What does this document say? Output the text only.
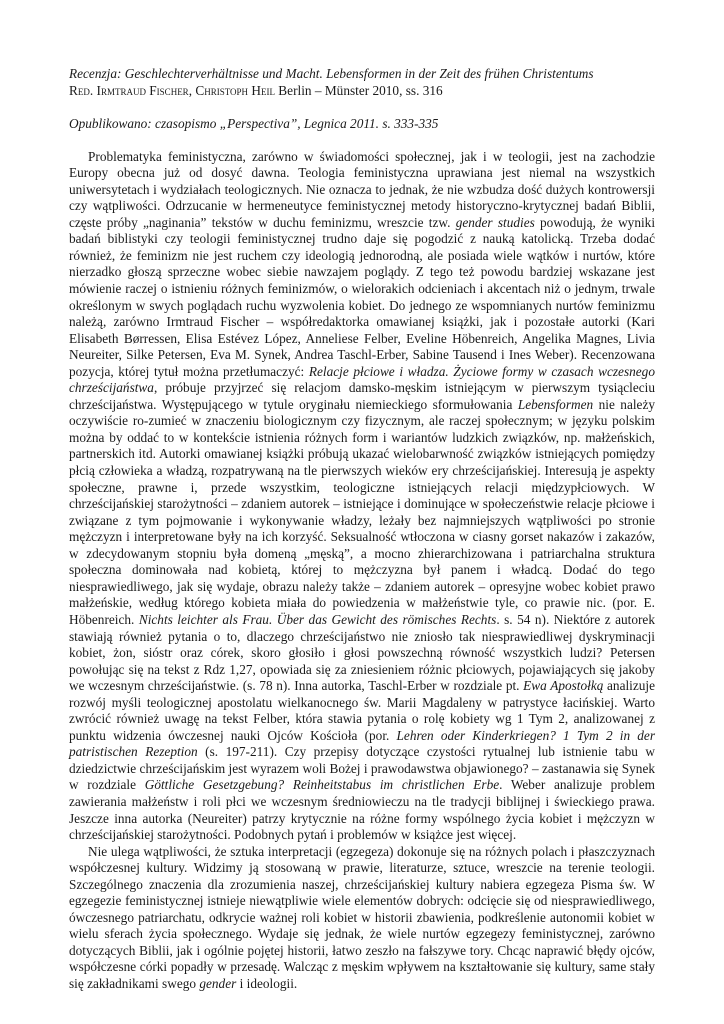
Recenzja: Geschlechterverhältnisse und Macht. Lebensformen in der Zeit des frühen Christentums
Red. Irmtraud Fischer, Christoph Heil Berlin – Münster 2010, ss. 316
Opublikowano: czasopismo „Perspectiva”, Legnica 2011. s. 333-335

Problematyka feministyczna, zarówno w świadomości społecznej, jak i w teologii, jest na zachodzie
Europy obecna już od dosyć dawna. Teologia feministyczna uprawiana jest niemal na wszystkich
uniwersytetach i wydziałach teologicznych. Nie oznacza to jednak, że nie wzbudza dość dużych kontrowersji
czy wątpliwości. Odrzucanie w hermeneutyce feministycznej metody historyczno-krytycznej badań Biblii,
częste próby „naginania” tekstów w duchu feminizmu, wreszcie tzw. gender studies powodują, że wyniki
badań biblistyki czy teologii feministycznej trudno daje się pogodzić z nauką katolicką. Trzeba dodać
również, że feminizm nie jest ruchem czy ideologią jednorodną, ale posiada wiele wątków i nurtów, które
nierzadko głoszą sprzeczne wobec siebie nawzajem poglądy. Z tego też powodu bardziej wskazane jest
mówienie raczej o istnieniu różnych feminizmów, o wielorakich odcieniach i akcentach niż o jednym, trwale
określonym w swych poglądach ruchu wyzwolenia kobiet. Do jednego ze wspomnianych nurtów feminizmu
należą, zarówno Irmtraud Fischer – współredaktorka omawianej książki, jak i pozostałe autorki (Kari
Elisabeth Børressen, Elisa Estévez López, Anneliese Felber, Eveline Höbenreich, Angelika Magnes, Livia
Neureiter, Silke Petersen, Eva M. Synek, Andrea Taschl-Erber, Sabine Tausend i Ines Weber). Recenzowana
pozycja, której tytuł można przetłumaczyć: Relacje płciowe i władza. Życiowe formy w czasach wczesnego
chrześcijaństwa, próbuje przyjrzeć się relacjom damsko-męskim istniejącym w pierwszym tysiącleciu
chrześcijaństwa. Występującego w tytule oryginału niemieckiego sformułowania Lebensformen nie należy
oczywiście ro-zumieć w znaczeniu biologicznym czy fizycznym, ale raczej społecznym; w języku polskim
można by oddać to w kontekście istnienia różnych form i wariantów ludzkich związków, np. małżeńskich,
partnerskich itd. Autorki omawianej książki próbują ukazać wielobarwność związków istniejących pomiędzy
płcią człowieka a władzą, rozpatrywaną na tle pierwszych wieków ery chrześcijańskiej. Interesują je aspekty
społeczne, prawne i, przede wszystkim, teologiczne istniejących relacji międzypłciowych. W
chrześcijańskiej starożytności – zdaniem autorek – istniejące i dominujące w społeczeństwie relacje płciowe i
związane z tym pojmowanie i wykonywanie władzy, leżały bez najmniejszych wątpliwości po stronie
mężczyzn i interpretowane były na ich korzyść. Seksualność wtłoczona w ciasny gorset nakazów i zakazów,
w zdecydowanym stopniu była domeną „męską”, a mocno zhierarchizowana i patriarchalna struktura
społeczna dominowała nad kobietą, której to mężczyzna był panem i władcą. Dodać do tego
niesprawiedliwego, jak się wydaje, obrazu należy także – zdaniem autorek – opresyjne wobec kobiet prawo
małżeńskie, według którego kobieta miała do powiedzenia w małżeństwie tyle, co prawie nic. (por. E.
Höbenreich. Nichts leichter als Frau. Über das Gewicht des römisches Rechts. s. 54 n). Niektóre z autorek
stawiają również pytania o to, dlaczego chrześcijaństwo nie zniosło tak niesprawiedliwej dyskryminacji
kobiet, żon, sióstr oraz córek, skoro głosiło i głosi powszechną równość wszystkich ludzi? Petersen
powołując się na tekst z Rdz 1,27, opowiada się za zniesieniem różnic płciowych, pojawiających się jakoby
we wczesnym chrześcijaństwie. (s. 78 n). Inna autorka, Taschl-Erber w rozdziale pt. Ewa Apostołką analizuje
rozwój myśli teologicznej apostolatu wielkanocnego św. Marii Magdaleny w patrystyce łacińskiej. Warto
zwrócić również uwagę na tekst Felber, która stawia pytania o rolę kobiety wg 1 Tym 2, analizowanej z
punktu widzenia ówczesnej nauki Ojców Kościoła (por. Lehren oder Kinderkriegen? 1 Tym 2 in der
patristischen Rezeption (s. 197-211). Czy przepisy dotyczące czystości rytualnej lub istnienie tabu w
dziedzictwie chrześcijańskim jest wyrazem woli Bożej i prawodawstwa objawionego? – zastanawia się Synek
w rozdziale Göttliche Gesetzgebung? Reinheitstabus im christlichen Erbe. Weber analizuje problem
zawierania małżeństw i roli płci we wczesnym średniowieczu na tle tradycji biblijnej i świeckiego prawa.
Jeszcze inna autorka (Neureiter) patrzy krytycznie na różne formy wspólnego życia kobiet i mężczyzn w
chrześcijańskiej starożytności. Podobnych pytań i problemów w książce jest więcej.

Nie ulega wątpliwości, że sztuka interpretacji (egzegeza) dokonuje się na różnych polach i płaszczyznach
współczesnej kultury. Widzimy ją stosowaną w prawie, literaturze, sztuce, wreszcie na terenie teologii.
Szczególnego znaczenia dla zrozumienia naszej, chrześcijańskiej kultury nabiera egzegeza Pisma św. W
egzegezie feministycznej istnieje niewątpliwie wiele elementów dobrych: odcięcie się od niesprawiedliwego,
ówczesnego patriarchatu, odkrycie ważnej roli kobiet w historii zbawienia, podkreślenie autonomii kobiet w
wielu sferach życia społecznego. Wydaje się jednak, że wiele nurtów egzegezy feministycznej, zarówno
dotyczących Biblii, jak i ogólnie pojętej historii, łatwo zeszło na fałszywe tory. Chcąc naprawić błędy ojców,
współczesne córki popadły w przesadę. Walcząc z męskim wpływem na kształtowanie się kultury, same stały
się zakładnikami swego gender i ideologii.
